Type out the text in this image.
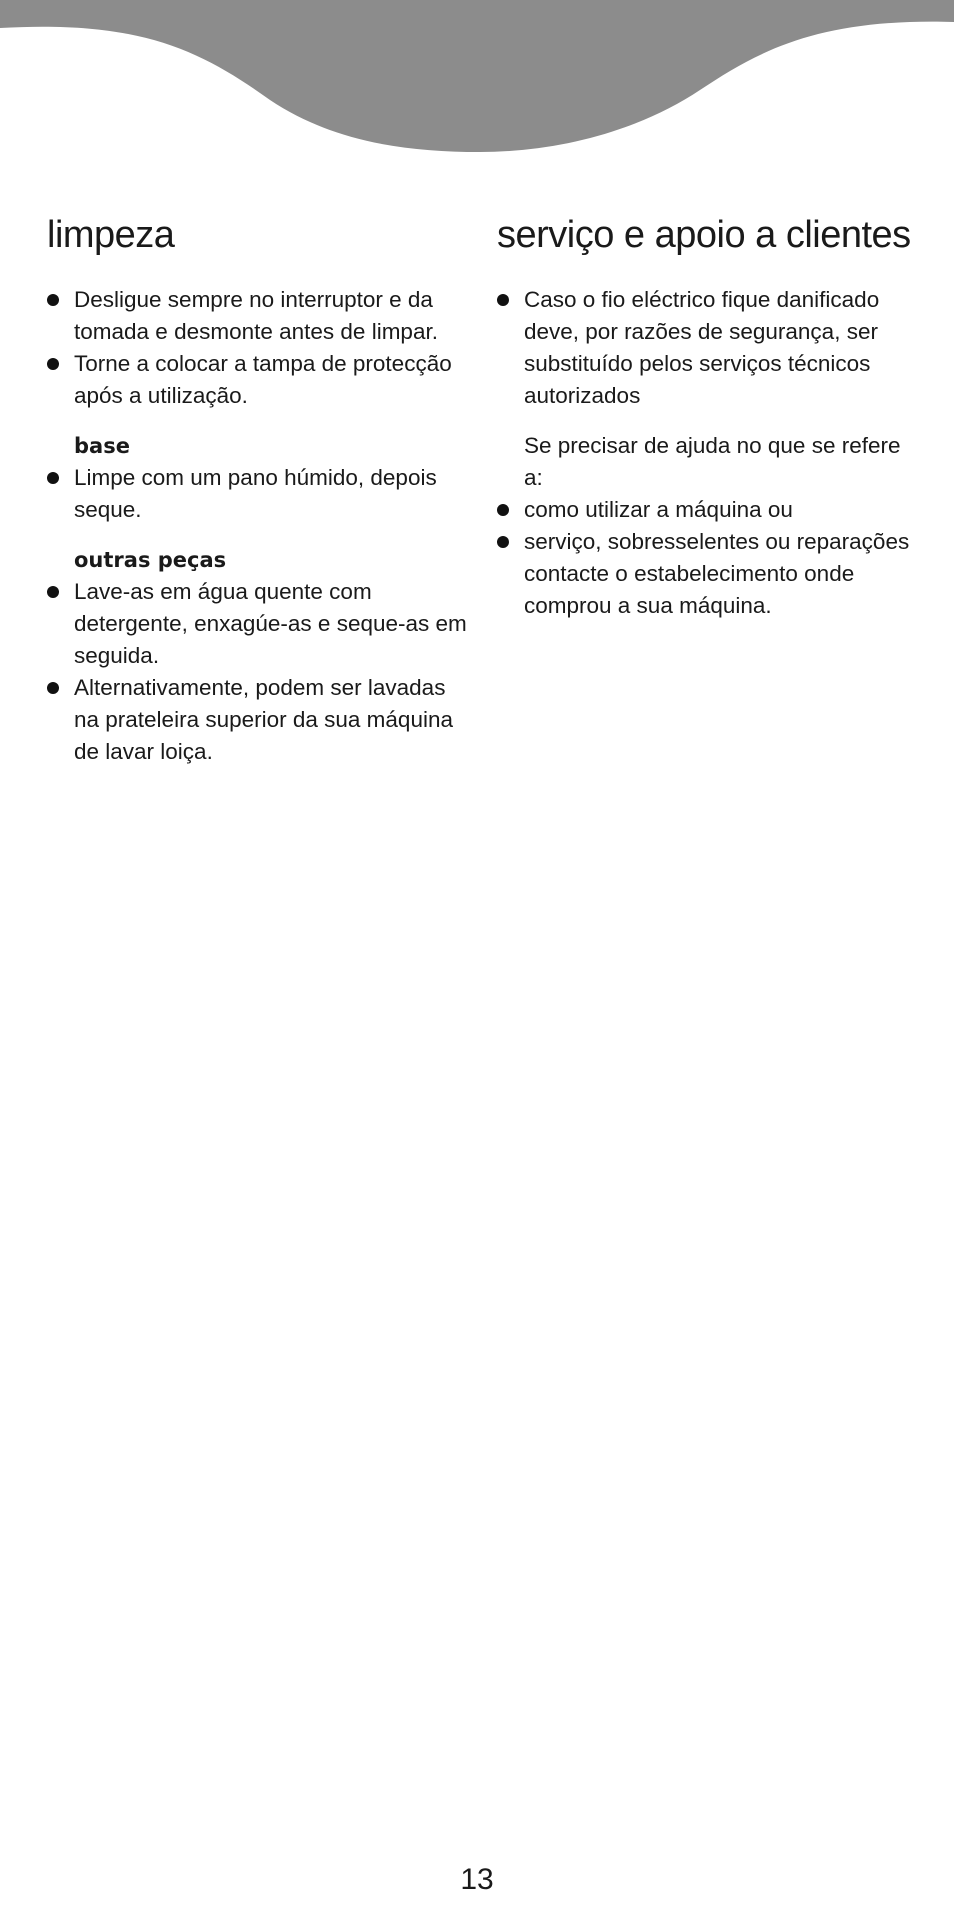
limpeza
Desligue sempre no interruptor e da tomada e desmonte antes de limpar.
Torne a colocar a tampa de protecção após a utilização.
base
Limpe com um pano húmido, depois seque.
outras peças
Lave-as em água quente com detergente, enxagúe-as e seque-as em seguida.
Alternativamente, podem ser lavadas na prateleira superior da sua máquina de lavar loiça.
serviço e apoio a clientes
Caso o fio eléctrico fique danificado deve, por razões de segurança, ser substituído pelos serviços técnicos autorizados
Se precisar de ajuda no que se refere a:
como utilizar a máquina ou
serviço, sobresselentes ou reparações
contacte o estabelecimento onde comprou a sua máquina.
13
